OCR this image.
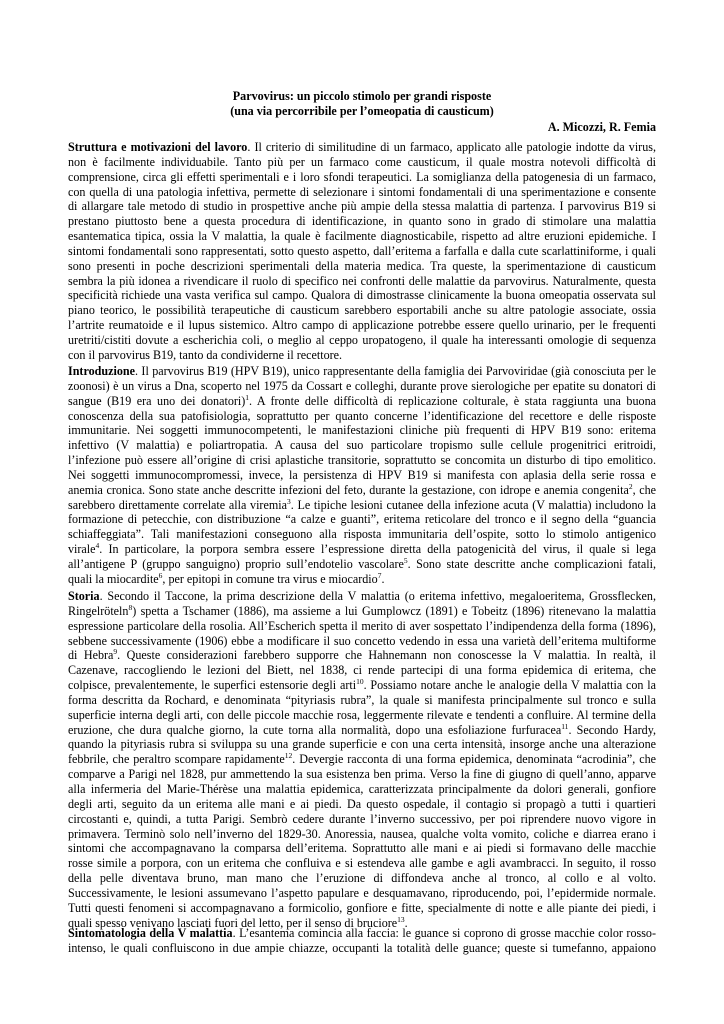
Parvovirus: un piccolo stimolo per grandi risposte
(una via percorribile per l’omeopatia di causticum)
A. Micozzi, R. Femia
Struttura e motivazioni del lavoro. Il criterio di similitudine di un farmaco, applicato alle patologie indotte da virus,
non è facilmente individuabile. Tanto più per un farmaco come causticum, il quale mostra notevoli difficoltà di
comprensione, circa gli effetti sperimentali e i loro sfondi terapeutici. La somiglianza della patogenesia di un farmaco,
con quella di una patologia infettiva, permette di selezionare i sintomi fondamentali di una sperimentazione e consente
di allargare tale metodo di studio in prospettive anche più ampie della stessa malattia di partenza. I parvovirus B19 si
prestano piuttosto bene a questa procedura di identificazione, in quanto sono in grado di stimolare una malattia
esantematica tipica, ossia la V malattia, la quale è facilmente diagnosticabile, rispetto ad altre eruzioni epidemiche. I
sintomi fondamentali sono rappresentati, sotto questo aspetto, dall’eritema a farfalla e dalla cute scarlattiniforme, i quali
sono presenti in poche descrizioni sperimentali della materia medica. Tra queste, la sperimentazione di causticum
sembra la più idonea a rivendicare il ruolo di specifico nei confronti delle malattie da parvovirus. Naturalmente, questa
specificità richiede una vasta verifica sul campo. Qualora di dimostrasse clinicamente la buona omeopatia osservata sul
piano teorico, le possibilità terapeutiche di causticum sarebbero esportabili anche su altre patologie associate, ossia
l’artrite reumatoide e il lupus sistemico. Altro campo di applicazione potrebbe essere quello urinario, per le frequenti
uretriti/cistiti dovute a escherichia coli, o meglio al ceppo uropatogeno, il quale ha interessanti omologie di sequenza
con il parvovirus B19, tanto da condividerne il recettore.
Introduzione. Il parvovirus B19 (HPV B19), unico rappresentante della famiglia dei Parvoviridae (già conosciuta per le
zoonosi) è un virus a Dna, scoperto nel 1975 da Cossart e colleghi, durante prove sierologiche per epatite su donatori di
sangue (B19 era uno dei donatori)$^1$. A fronte delle difficoltà di replicazione colturale, è stata raggiunta una buona
conoscenza della sua patofisiologia, soprattutto per quanto concerne l’identificazione del recettore e delle risposte
immunitarie. Nei soggetti immunocompetenti, le manifestazioni cliniche più frequenti di HPV B19 sono: eritema
infettivo (V malattia) e poliartropatia. A causa del suo particolare tropismo sulle cellule progenitrici eritroidi,
l’infezione può essere all’origine di crisi aplastiche transitorie, soprattutto se concomita un disturbo di tipo emolitico.
Nei soggetti immunocompromessi, invece, la persistenza di HPV B19 si manifesta con aplasia della serie rossa e
anemia cronica. Sono state anche descritte infezioni del feto, durante la gestazione, con idrope e anemia congenita$^2$, che
sarebbero direttamente correlate alla viremia$^3$. Le tipiche lesioni cutanee della infezione acuta (V malattia) includono la
formazione di petecchie, con distribuzione “a calze e guanti”, eritema reticolare del tronco e il segno della “guancia
schiaffeggiata”. Tali manifestazioni conseguono alla risposta immunitaria dell’ospite, sotto lo stimolo antigenico
virale$^4$. In particolare, la porpora sembra essere l’espressione diretta della patogenicità del virus, il quale si lega
all’antigene P (gruppo sanguigno) proprio sull’endotelio vascolare$^5$. Sono state descritte anche complicazioni fatali,
quali la miocardite$^6$, per epitopi in comune tra virus e miocardio$^7$.
Storia. Secondo il Taccone, la prima descrizione della V malattia (o eritema infettivo, megaloeritema, Grossflecken,
Ringelröteln$^8$) spetta a Tschamer (1886), ma assieme a lui Gumplowcz (1891) e Tobeitz (1896) ritenevano la malattia
espressione particolare della rosolia. All’Escherich spetta il merito di aver sospettato l’indipendenza della forma (1896),
sebbene successivamente (1906) ebbe a modificare il suo concetto vedendo in essa una varietà dell’eritema multiforme
di Hebra$^9$. Queste considerazioni farebbero supporre che Hahnemann non conoscesse la V malattia. In realtà, il
Cazenave, raccogliendo le lezioni del Biett, nel 1838, ci rende partecipi di una forma epidemica di eritema, che
colpisce, prevalentemente, le superfici estensorie degli arti$^{10}$. Possiamo notare anche le analogie della V malattia con la
forma descritta da Rochard, e denominata “pityriasis rubra”, la quale si manifesta principalmente sul tronco e sulla
superficie interna degli arti, con delle piccole macchie rosa, leggermente rilevate e tendenti a confluire. Al termine della
eruzione, che dura qualche giorno, la cute torna alla normalità, dopo una esfoliazione furfuracea$^{11}$. Secondo Hardy,
quando la pityriasis rubra si sviluppa su una grande superficie e con una certa intensità, insorge anche una alterazione
febbrile, che peraltro scompare rapidamente$^{12}$. Devergie racconta di una forma epidemica, denominata “acrodinia”, che
comparve a Parigi nel 1828, pur ammettendo la sua esistenza ben prima. Verso la fine di giugno di quell’anno, apparve
alla infermeria del Marie-Thérèse una malattia epidemica, caratterizzata principalmente da dolori generali, gonfiore
degli arti, seguito da un eritema alle mani e ai piedi. Da questo ospedale, il contagio si propagò a tutti i quartieri
circostanti e, quindi, a tutta Parigi. Sembrò cedere durante l’inverno successivo, per poi riprendere nuovo vigore in
primavera. Terminò solo nell’inverno del 1829-30. Anoressia, nausea, qualche volta vomito, coliche e diarrea erano i
sintomi che accompagnavano la comparsa dell’eritema. Soprattutto alle mani e ai piedi si formavano delle macchie
rosse simile a porpora, con un eritema che confluiva e si estendeva alle gambe e agli avambracci. In seguito, il rosso
della pelle diventava bruno, man mano che l’eruzione di diffondeva anche al tronco, al collo e al volto.
Successivamente, le lesioni assumevano l’aspetto papulare e desquamavano, riproducendo, poi, l’epidermide normale.
Tutti questi fenomeni si accompagnavano a formicolio, gonfiore e fitte, specialmente di notte e alle piante dei piedi, i
quali spesso venivano lasciati fuori del letto, per il senso di bruciore$^{13}$.
Sintomatologia della V malattia. L’esantema comincia alla faccia: le guance si coprono di grosse macchie color rosso-
intenso, le quali confluiscono in due ampie chiazze, occupanti la totalità delle guance; queste si tumefanno, appaiono
